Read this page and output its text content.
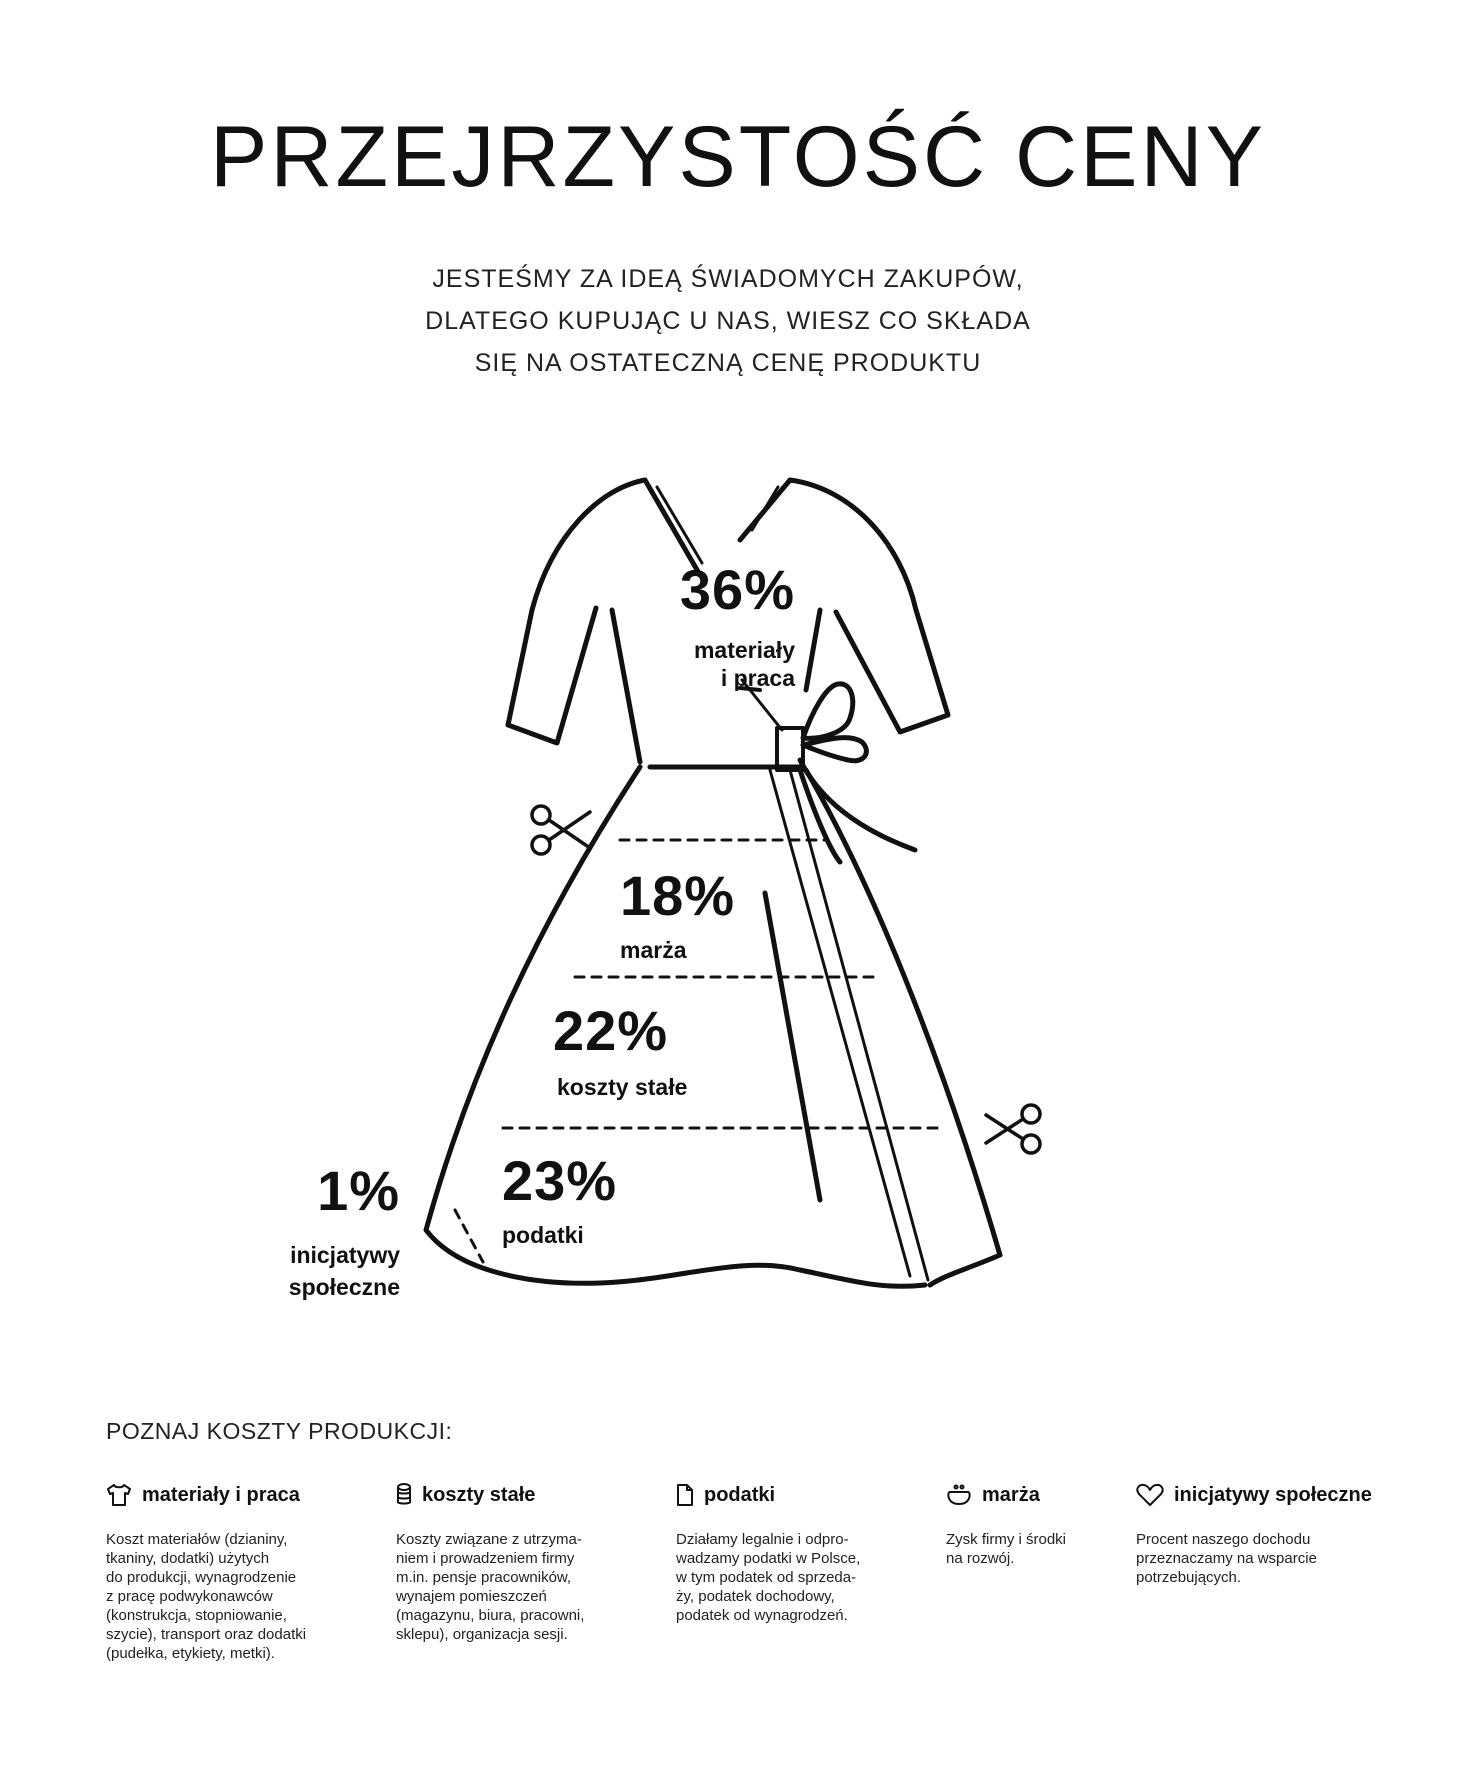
PRZEJRZYSTOŚĆ CENY
JESTEŚMY ZA IDEĄ ŚWIADOMYCH ZAKUPÓW,
DLATEGO KUPUJĄC U NAS, WIESZ CO SKŁADA
SIĘ NA OSTATECZNĄ CENĘ PRODUKTU
36%
materiały
i praca
18%
marża
22%
koszty stałe
23%
podatki
1%
inicjatywy
społeczne
POZNAJ KOSZTY PRODUKCJI:
materiały i praca
Koszt materiałów (dzianiny,
tkaniny, dodatki) użytych
do produkcji, wynagrodzenie
z pracę podwykonawców
(konstrukcja, stopniowanie,
szycie), transport oraz dodatki
(pudełka, etykiety, metki).
koszty stałe
Koszty związane z utrzyma-
niem i prowadzeniem firmy
m.in. pensje pracowników,
wynajem pomieszczeń
(magazynu, biura, pracowni,
sklepu), organizacja sesji.
podatki
Działamy legalnie i odpro-
wadzamy podatki w Polsce,
w tym podatek od sprzeda-
ży, podatek dochodowy,
podatek od wynagrodzeń.
marża
Zysk firmy i środki
na rozwój.
inicjatywy społeczne
Procent naszego dochodu
przeznaczamy na wsparcie
potrzebujących.
